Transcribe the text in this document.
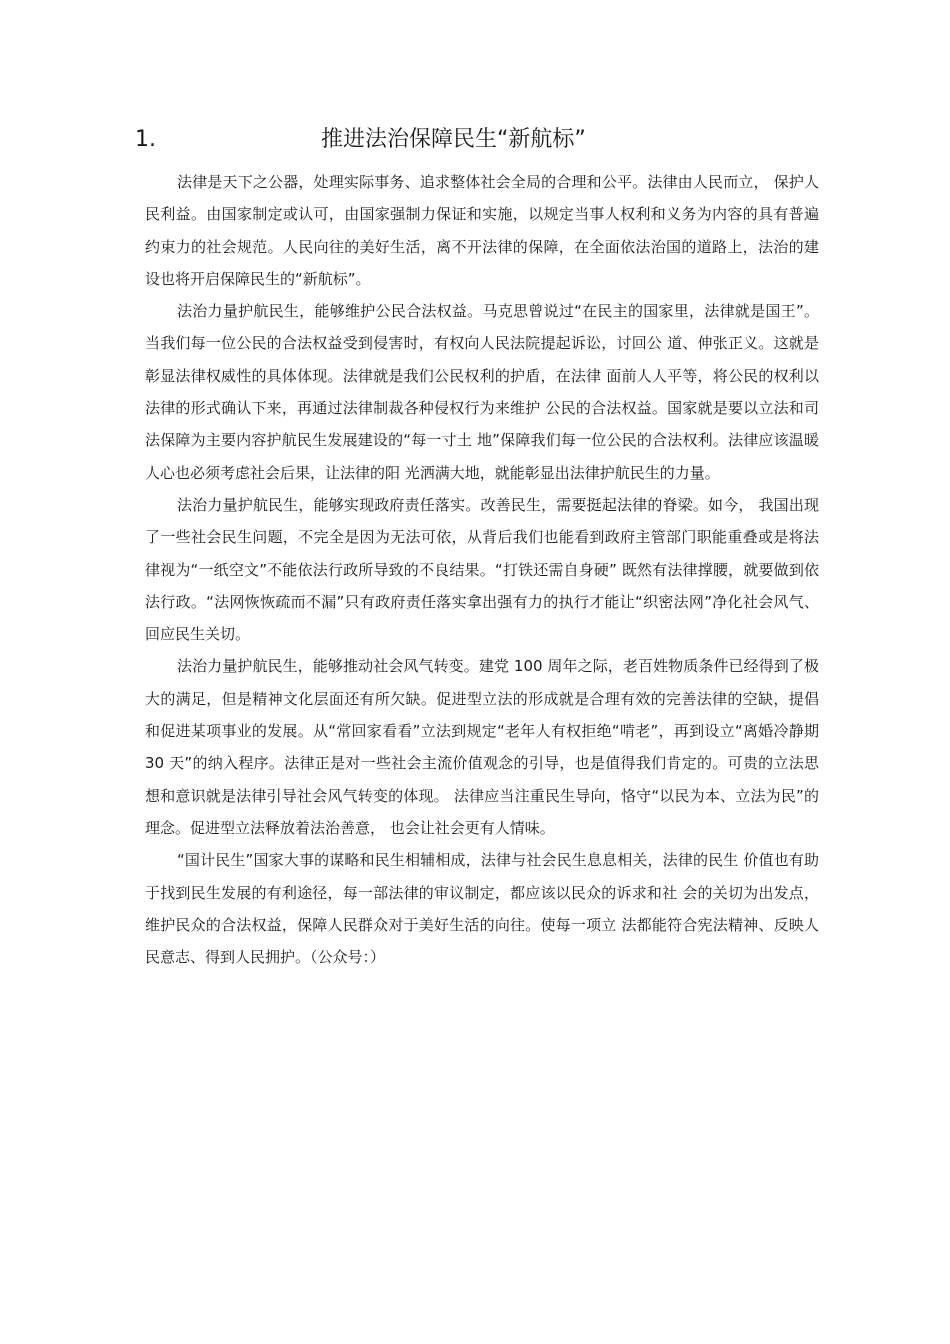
1.	推进法治保障民生“新航标”

法律是天下之公器，处理实际事务、追求整体社会全局的合理和公平。法律由人民而立， 保护人民利益。由国家制定或认可，由国家强制力保证和实施，以规定当事人权利和义务为内容的具有普遍约束力的社会规范。人民向往的美好生活，离不开法律的保障，在全面依法治国的道路上，法治的建设也将开启保障民生的“新航标”。

法治力量护航民生，能够维护公民合法权益。马克思曾说过“在民主的国家里，法律就是国王”。当我们每一位公民的合法权益受到侵害时，有权向人民法院提起诉讼，讨回公 道、伸张正义。这就是彰显法律权威性的具体体现。法律就是我们公民权利的护盾，在法律 面前人人平等，将公民的权利以法律的形式确认下来，再通过法律制裁各种侵权行为来维护 公民的合法权益。国家就是要以立法和司法保障为主要内容护航民生发展建设的“每一寸土 地”保障我们每一位公民的合法权利。法律应该温暖人心也必须考虑社会后果，让法律的阳 光洒满大地，就能彰显出法律护航民生的力量。

法治力量护航民生，能够实现政府责任落实。改善民生，需要挺起法律的脊梁。如今， 我国出现了一些社会民生问题，不完全是因为无法可依，从背后我们也能看到政府主管部门职能重叠或是将法律视为“一纸空文”不能依法行政所导致的不良结果。“打铁还需自身硬” 既然有法律撑腰，就要做到依法行政。“法网恢恢疏而不漏”只有政府责任落实拿出强有力的执行才能让“织密法网”净化社会风气、回应民生关切。

法治力量护航民生，能够推动社会风气转变。建党 100 周年之际，老百姓物质条件已经得到了极大的满足，但是精神文化层面还有所欠缺。促进型立法的形成就是合理有效的完善法律的空缺，提倡和促进某项事业的发展。从“常回家看看”立法到规定“老年人有权拒绝“啃老”，再到设立“离婚冷静期 30 天”的纳入程序。法律正是对一些社会主流价值观念的引导，也是值得我们肯定的。可贵的立法思想和意识就是法律引导社会风气转变的体现。 法律应当注重民生导向，恪守“以民为本、立法为民”的理念。促进型立法释放着法治善意， 也会让社会更有人情味。

“国计民生”国家大事的谋略和民生相辅相成，法律与社会民生息息相关，法律的民生 价值也有助于找到民生发展的有利途径，每一部法律的审议制定，都应该以民众的诉求和社 会的关切为出发点，维护民众的合法权益，保障人民群众对于美好生活的向往。使每一项立 法都能符合宪法精神、反映人民意志、得到人民拥护。（公众号：）
